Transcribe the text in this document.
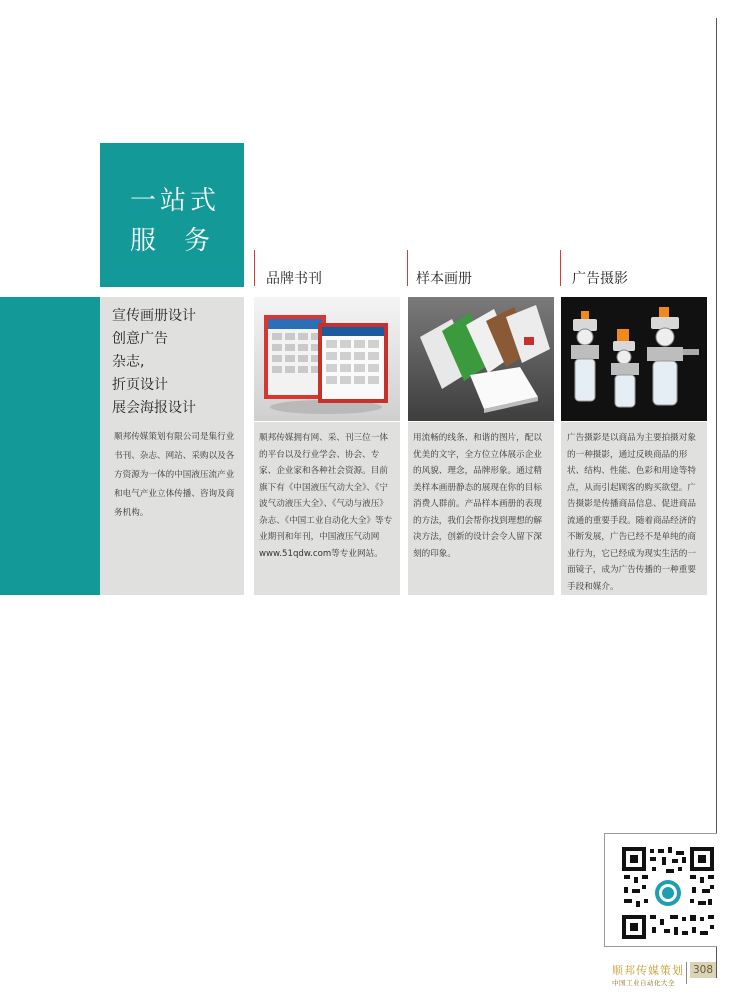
一站式
服务
宣传画册设计
创意广告
杂志,
折页设计
展会海报设计
顺邦传媒策划有限公司是集行业书刊、杂志、网站、采购以及各方资源为一体的中国液压流产业和电气产业立体传播、咨询及商务机构。
品牌书刊
顺邦传媒拥有网、采、刊三位一体的平台以及行业学会、协会、专家、企业家和各种社会资源。目前旗下有《中国液压气动大全》、《宁波气动液压大全》、《气动与液压》杂志、《中国工业自动化大全》等专业期刊和年刊，中国液压气动网www.51qdw.com等专业网站。
样本画册
用流畅的线条、和谐的图片，配以优美的文字，全方位立体展示企业的风貌、理念，品牌形象。通过精美样本画册静态的展现在你的目标消费人群前。产品样本画册的表现的方法，我们会帮你找到理想的解决方法，创新的设计会令人留下深刻的印象。
广告摄影
广告摄影是以商品为主要拍摄对象的一种摄影，通过反映商品的形状、结构、性能、色彩和用途等特点，从而引起顾客的购买欲望。广告摄影是传播商品信息、促进商品流通的重要手段。随着商品经济的不断发展，广告已经不是单纯的商业行为，它已经成为现实生活的一面镜子，成为广告传播的一种重要手段和媒介。
顺邦传媒策划
中国工业自动化大全
308
